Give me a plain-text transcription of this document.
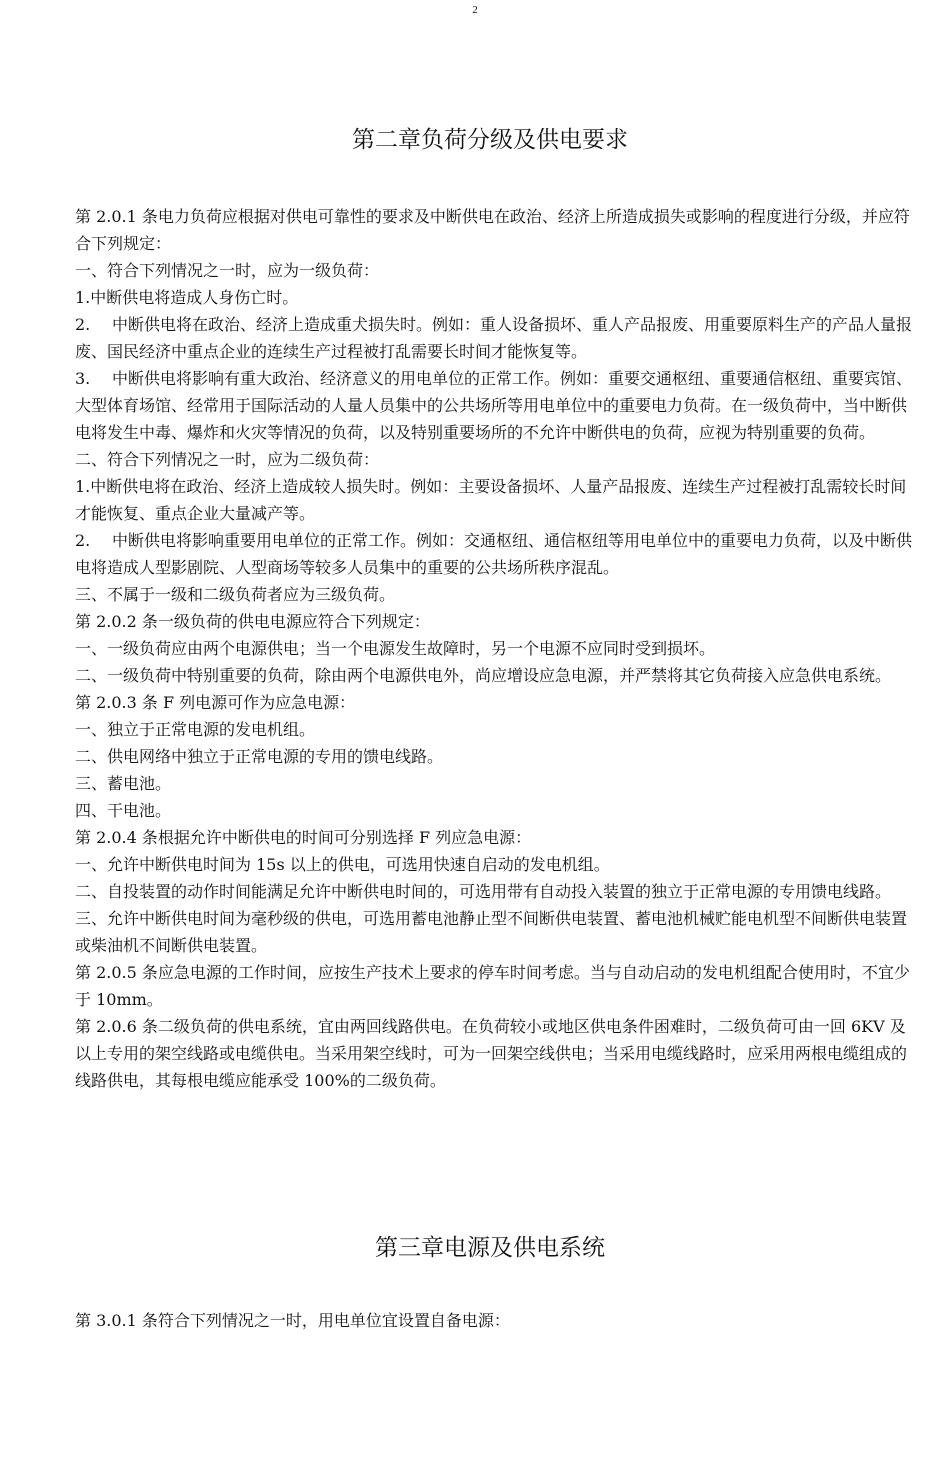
2
第二章负荷分级及供电要求

第 2.0.1 条电力负荷应根据对供电可靠性的要求及中断供电在政治、经济上所造成损失或影响的程度进行分级，并应符合下列规定：

一、符合下列情况之一时，应为一级负荷：

1.中断供电将造成人身伤亡时。

2. 中断供电将在政治、经济上造成重犬损失时。例如：重人设备损坏、重人产品报废、用重要原料生产的产品人量报废、国民经济中重点企业的连续生产过程被打乱需要长时间才能恢复等。

3. 中断供电将影响有重大政治、经济意义的用电单位的正常工作。例如：重要交通枢纽、重要通信枢纽、重要宾馆、大型体育场馆、经常用于国际活动的人量人员集中的公共场所等用电单位中的重要电力负荷。在一级负荷中，当中断供电将发生中毒、爆炸和火灾等情况的负荷，以及特别重要场所的不允许中断供电的负荷，应视为特别重要的负荷。

二、符合下列情况之一时，应为二级负荷：

1.中断供电将在政治、经济上造成较人损失时。例如：主要设备损坏、人量产品报废、连续生产过程被打乱需较长时间才能恢复、重点企业大量减产等。

2. 中断供电将影响重要用电单位的正常工作。例如：交通枢纽、通信枢纽等用电单位中的重要电力负荷，以及中断供电将造成人型影剧院、人型商场等较多人员集中的重要的公共场所秩序混乱。

三、不属于一级和二级负荷者应为三级负荷。

第 2.0.2 条一级负荷的供电电源应符合下列规定：

一、一级负荷应由两个电源供电；当一个电源发生故障时，另一个电源不应同时受到损坏。

二、一级负荷中特别重要的负荷，除由两个电源供电外，尚应增设应急电源，并严禁将其它负荷接入应急供电系统。

第 2.0.3 条 F 列电源可作为应急电源：

一、独立于正常电源的发电机组。

二、供电网络中独立于正常电源的专用的馈电线路。

三、蓄电池。

四、干电池。

第 2.0.4 条根据允许中断供电的时间可分别选择 F 列应急电源：

一、允许中断供电时间为 15s 以上的供电，可选用快速自启动的发电机组。

二、自投装置的动作时间能满足允许中断供电时间的，可选用带有自动投入装置的独立于正常电源的专用馈电线路。

三、允许中断供电时间为毫秒级的供电，可选用蓄电池静止型不间断供电装置、蓄电池机械贮能电机型不间断供电装置或柴油机不间断供电装置。

第 2.0.5 条应急电源的工作时间，应按生产技术上要求的停车时间考虑。当与自动启动的发电机组配合使用时，不宜少于 10mm。

第 2.0.6 条二级负荷的供电系统，宜由两回线路供电。在负荷较小或地区供电条件困难时，二级负荷可由一回 6KV 及以上专用的架空线路或电缆供电。当采用架空线时，可为一回架空线供电；当采用电缆线路时，应采用两根电缆组成的线路供电，其每根电缆应能承受 100%的二级负荷。

第三章电源及供电系统

第 3.0.1 条符合下列情况之一时，用电单位宜设置自备电源：
